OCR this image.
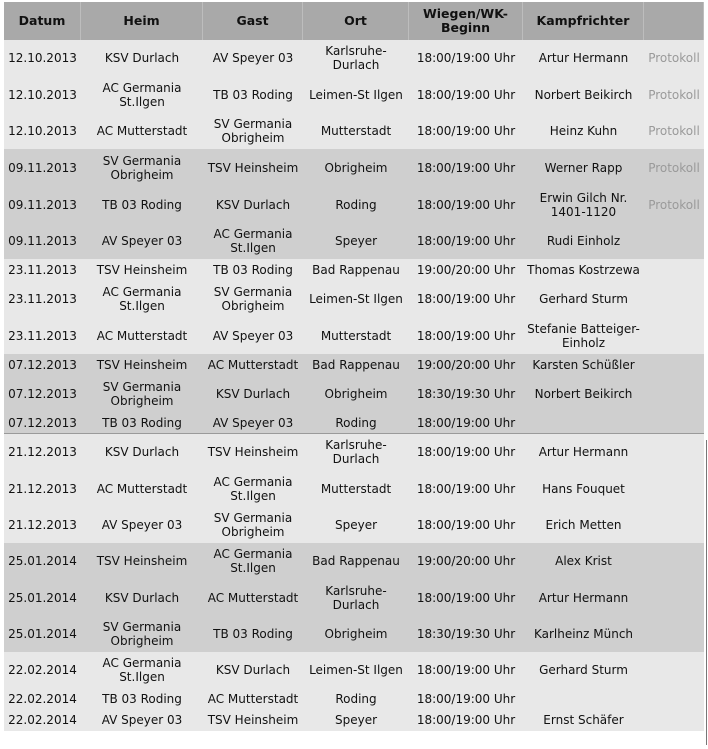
Datum	Heim	Gast	Ort	Wiegen/WK-Beginn	Kampfrichter	
12.10.2013	KSV Durlach	AV Speyer 03	Karlsruhe-Durlach	18:00/19:00 Uhr	Artur Hermann	Protokoll
12.10.2013	AC Germania St.Ilgen	TB 03 Roding	Leimen-St Ilgen	18:00/19:00 Uhr	Norbert Beikirch	Protokoll
12.10.2013	AC Mutterstadt	SV Germania Obrigheim	Mutterstadt	18:00/19:00 Uhr	Heinz Kuhn	Protokoll
09.11.2013	SV Germania Obrigheim	TSV Heinsheim	Obrigheim	18:00/19:00 Uhr	Werner Rapp	Protokoll
09.11.2013	TB 03 Roding	KSV Durlach	Roding	18:00/19:00 Uhr	Erwin Gilch Nr. 1401-1120	Protokoll
09.11.2013	AV Speyer 03	AC Germania St.Ilgen	Speyer	18:00/19:00 Uhr	Rudi Einholz	
23.11.2013	TSV Heinsheim	TB 03 Roding	Bad Rappenau	19:00/20:00 Uhr	Thomas Kostrzewa	
23.11.2013	AC Germania St.Ilgen	SV Germania Obrigheim	Leimen-St Ilgen	18:00/19:00 Uhr	Gerhard Sturm	
23.11.2013	AC Mutterstadt	AV Speyer 03	Mutterstadt	18:00/19:00 Uhr	Stefanie Batteiger-Einholz	
07.12.2013	TSV Heinsheim	AC Mutterstadt	Bad Rappenau	19:00/20:00 Uhr	Karsten Schüßler	
07.12.2013	SV Germania Obrigheim	KSV Durlach	Obrigheim	18:30/19:30 Uhr	Norbert Beikirch	
07.12.2013	TB 03 Roding	AV Speyer 03	Roding	18:00/19:00 Uhr		
21.12.2013	KSV Durlach	TSV Heinsheim	Karlsruhe-Durlach	18:00/19:00 Uhr	Artur Hermann	
21.12.2013	AC Mutterstadt	AC Germania St.Ilgen	Mutterstadt	18:00/19:00 Uhr	Hans Fouquet	
21.12.2013	AV Speyer 03	SV Germania Obrigheim	Speyer	18:00/19:00 Uhr	Erich Metten	
25.01.2014	TSV Heinsheim	AC Germania St.Ilgen	Bad Rappenau	19:00/20:00 Uhr	Alex Krist	
25.01.2014	KSV Durlach	AC Mutterstadt	Karlsruhe-Durlach	18:00/19:00 Uhr	Artur Hermann	
25.01.2014	SV Germania Obrigheim	TB 03 Roding	Obrigheim	18:30/19:30 Uhr	Karlheinz Münch	
22.02.2014	AC Germania St.Ilgen	KSV Durlach	Leimen-St Ilgen	18:00/19:00 Uhr	Gerhard Sturm	
22.02.2014	TB 03 Roding	AC Mutterstadt	Roding	18:00/19:00 Uhr		
22.02.2014	AV Speyer 03	TSV Heinsheim	Speyer	18:00/19:00 Uhr	Ernst Schäfer	
